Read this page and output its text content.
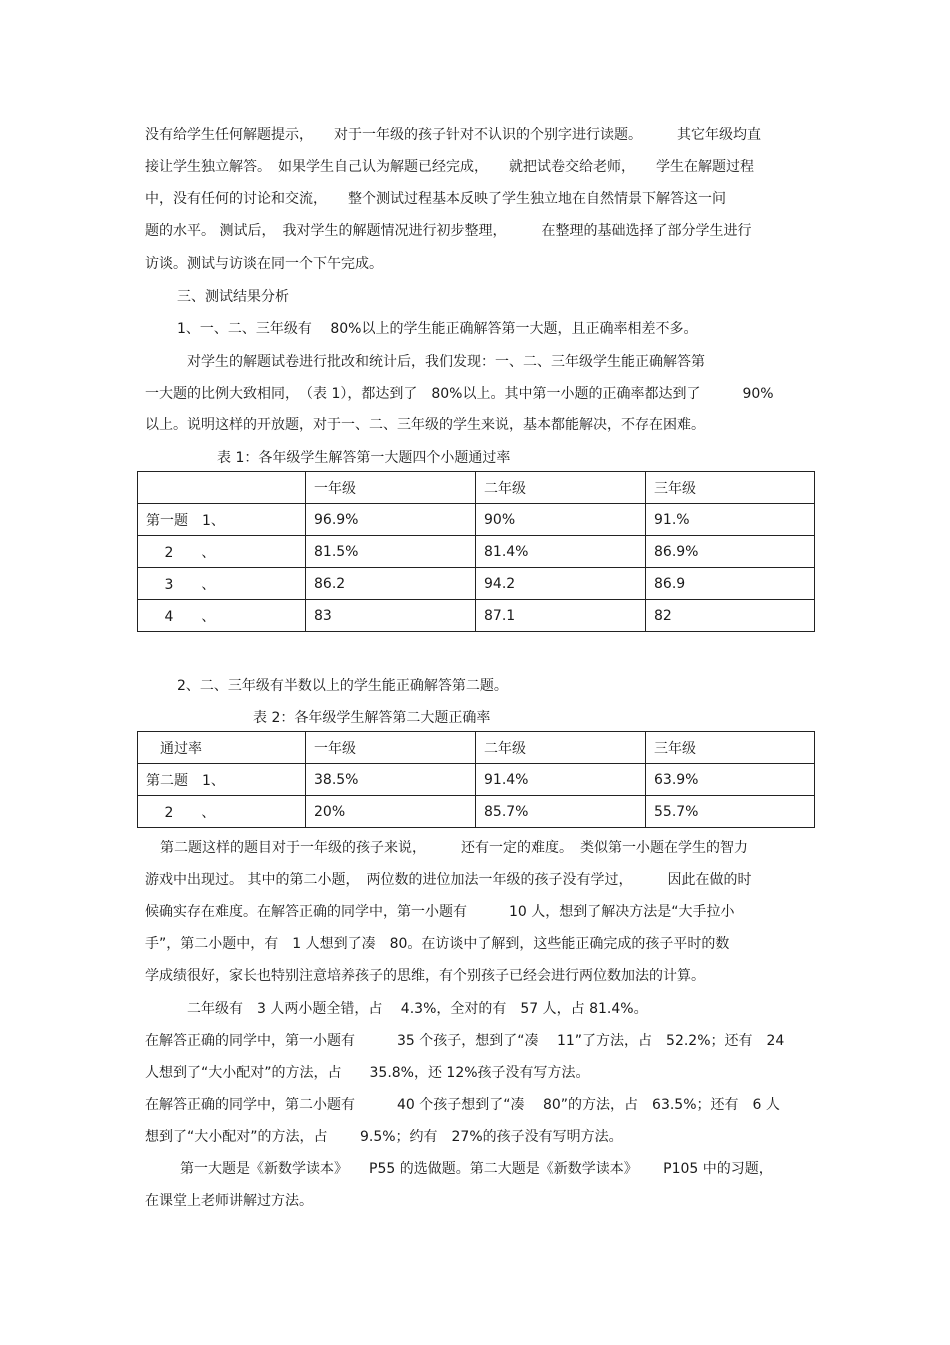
没有给学生任何解题提示，　　对于一年级的孩子针对不认识的个别字进行读题。　　　其它年级均直
接让学生独立解答。　如果学生自己认为解题已经完成，　　就把试卷交给老师，　　学生在解题过程
中，没有任何的讨论和交流，　　整个测试过程基本反映了学生独立地在自然情景下解答这一问
题的水平。 测试后，　我对学生的解题情况进行初步整理，　　　在整理的基础选择了部分学生进行
访谈。测试与访谈在同一个下午完成。
三、测试结果分析
1、一、二、三年级有　 80%以上的学生能正确解答第一大题，且正确率相差不多。
对学生的解题试卷进行批改和统计后，我们发现：一、二、三年级学生能正确解答第
一大题的比例大致相同，　（表 1），都达到了　80%以上。其中第一小题的正确率都达到了　　　90%
以上。说明这样的开放题，对于一、二、三年级的学生来说，基本都能解决，不存在困难。
表 1：各年级学生解答第一大题四个小题通过率
	一年级	二年级	三年级
第一题　1、	96.9%	90%	91.%
　 2　　、	81.5%	81.4%	86.9%
　 3　　、	86.2	94.2	86.9
　 4　　、	83	87.1	82
2、二、三年级有半数以上的学生能正确解答第二题。
表 2：各年级学生解答第二大题正确率
　通过率	一年级	二年级	三年级
第二题　1、	38.5%	91.4%	63.9%
　 2　　、	20%	85.7%	55.7%
第二题这样的题目对于一年级的孩子来说，　　　还有一定的难度。　类似第一小题在学生的智力
游戏中出现过。 其中的第二小题，　两位数的进位加法一年级的孩子没有学过，　　　因此在做的时
候确实存在难度。在解答正确的同学中，第一小题有　　　10 人，想到了解决方法是“大手拉小
手”，第二小题中，有　1 人想到了凑　80。在访谈中了解到，这些能正确完成的孩子平时的数
学成绩很好，家长也特别注意培养孩子的思维，有个别孩子已经会进行两位数加法的计算。
二年级有　3 人两小题全错，占　 4.3%，全对的有　57 人，占 81.4%。
在解答正确的同学中，第一小题有　　　35 个孩子，想到了“凑　 11”了方法，占　52.2%；还有　24
人想到了“大小配对”的方法，占　　35.8%，还 12%孩子没有写方法。
在解答正确的同学中，第二小题有　　　40 个孩子想到了“凑　 80”的方法，占　63.5%；还有　6 人
想到了“大小配对”的方法，占　　 9.5%；约有　27%的孩子没有写明方法。
第一大题是《新数学读本》　　P55 的选做题。第二大题是《新数学读本》　　 P105 中的习题，
在课堂上老师讲解过方法。
